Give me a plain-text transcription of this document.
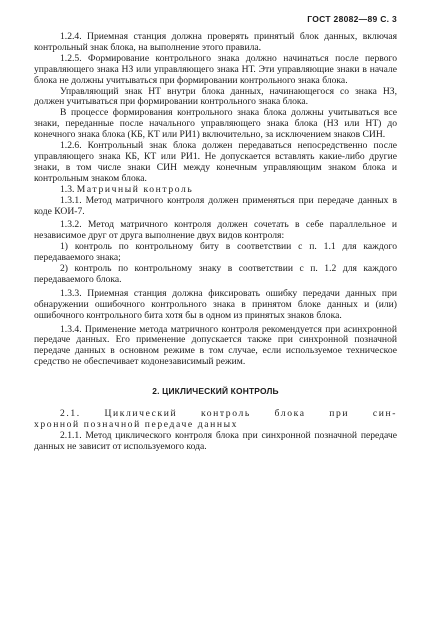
ГОСТ 28082—89 С. 3

1.2.4. Приемная станция должна проверять принятый блок данных, включая контрольный знак блока, на выполнение этого правила.

1.2.5. Формирование контрольного знака должно начинаться после первого управляющего знака НЗ или управляющего знака НТ. Эти управляющие знаки в начале блока не должны учитываться при формировании контрольного знака блока.

Управляющий знак НТ внутри блока данных, начинающегося со знака НЗ, должен учитываться при формировании контрольного знака блока.

В процессе формирования контрольного знака блока должны учитываться все знаки, переданные после начального управляющего знака блока (НЗ или НТ) до конечного знака блока (КБ, КТ или РИ1) включительно, за исключением знаков СИН.

1.2.6. Контрольный знак блока должен передаваться непосредственно после управляющего знака КБ, КТ или РИ1. Не допускается вставлять какие-либо другие знаки, в том числе знаки СИН между конечным управляющим знаком блока и контрольным знаком блока.

1.3. Матричный контроль

1.3.1. Метод матричного контроля должен применяться при передаче данных в коде КОИ-7.

1.3.2. Метод матричного контроля должен сочетать в себе параллельное и независимое друг от друга выполнение двух видов контроля:

1) контроль по контрольному биту в соответствии с п. 1.1 для каждого передаваемого знака;

2) контроль по контрольному знаку в соответствии с п. 1.2 для каждого передаваемого блока.

1.3.3. Приемная станция должна фиксировать ошибку передачи данных при обнаружении ошибочного контрольного знака в принятом блоке данных и (или) ошибочного контрольного бита хотя бы в одном из принятых знаков блока.

1.3.4. Применение метода матричного контроля рекомендуется при асинхронной передаче данных. Его применение допускается также при синхронной позначной передаче данных в основном режиме в том случае, если используемое техническое средство не обеспечивает кодонезависимый режим.

2. ЦИКЛИЧЕСКИЙ КОНТРОЛЬ

2.1. Циклический контроль блока при син-

хронной позначной передаче данных

2.1.1. Метод циклического контроля блока при синхронной позначной передаче данных не зависит от используемого кода.
